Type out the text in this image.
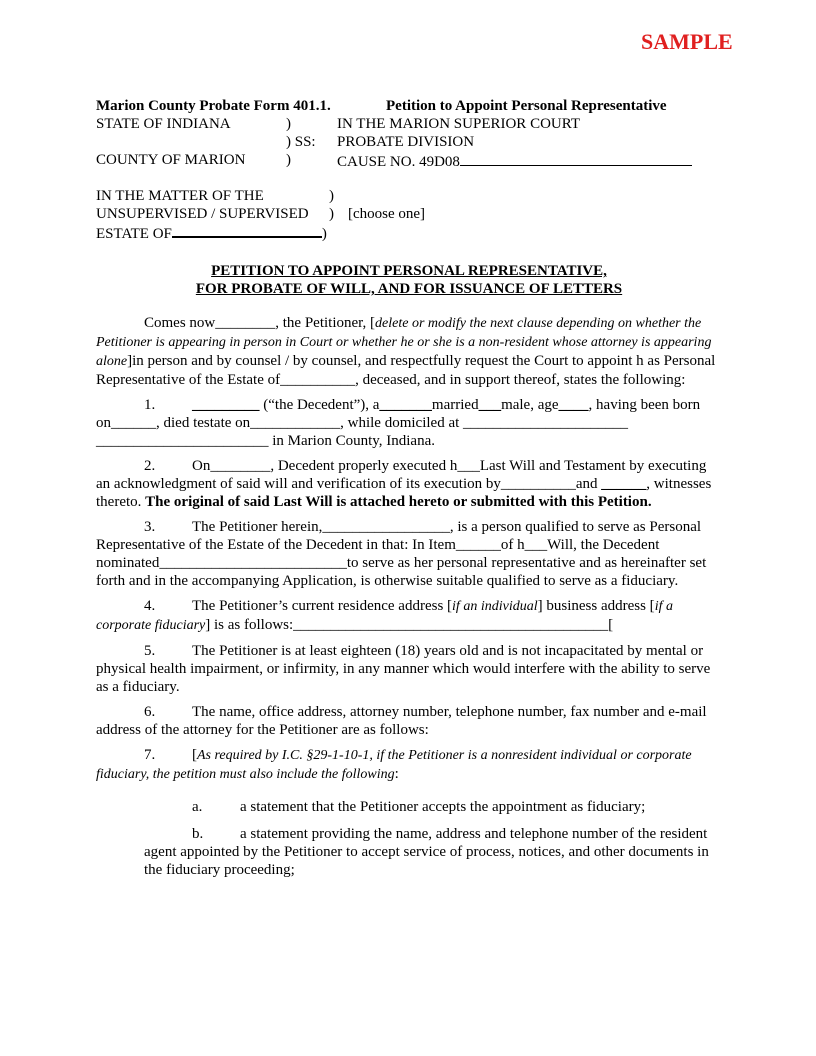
SAMPLE
Marion County Probate Form 401.1.	Petition to Appoint Personal Representative
STATE OF INDIANA	)	IN THE MARION SUPERIOR COURT
) SS: PROBATE DIVISION
COUNTY OF MARION	)	CAUSE NO. 49D08
IN THE MATTER OF THE	)
UNSUPERVISED / SUPERVISED ) [choose one]
ESTATE OF	)

PETITION TO APPOINT PERSONAL REPRESENTATIVE,

FOR PROBATE OF WILL, AND FOR ISSUANCE OF LETTERS

Comes now________, the Petitioner, [delete or modify the next clause depending on whether the Petitioner is appearing in person in Court or whether he or she is a non-resident whose attorney is appearing alone]in person and by counsel / by counsel, and respectfully request the Court to appoint h as Personal Representative of the Estate of__________, deceased, and in support thereof, states the following:

1. _________ (“the Decedent”), a_______married___male, age____, having been born on______, died testate on____________, while domiciled at ______________________ _______________________ in Marion County, Indiana.

2. On________, Decedent properly executed h___Last Will and Testament by executing an acknowledgment of said will and verification of its execution by__________and ______, witnesses thereto. The original of said Last Will is attached hereto or submitted with this Petition.

3. The Petitioner herein,_________________, is a person qualified to serve as Personal Representative of the Estate of the Decedent in that: In Item______of h___Will, the Decedent nominated_________________________to serve as her personal representative and as hereinafter set forth and in the accompanying Application, is otherwise suitable qualified to serve as a fiduciary.

4. The Petitioner’s current residence address [if an individual] business address [if a corporate fiduciary] is as follows:__________________________________________[

5. The Petitioner is at least eighteen (18) years old and is not incapacitated by mental or physical health impairment, or infirmity, in any manner which would interfere with the ability to serve as a fiduciary.

6. The name, office address, attorney number, telephone number, fax number and e-mail address of the attorney for the Petitioner are as follows:

7. [As required by I.C. §29-1-10-1, if the Petitioner is a nonresident individual or corporate fiduciary, the petition must also include the following:

a.	a statement that the Petitioner accepts the appointment as fiduciary;

b. a statement providing the name, address and telephone number of the resident agent appointed by the Petitioner to accept service of process, notices, and other documents in the fiduciary proceeding;
